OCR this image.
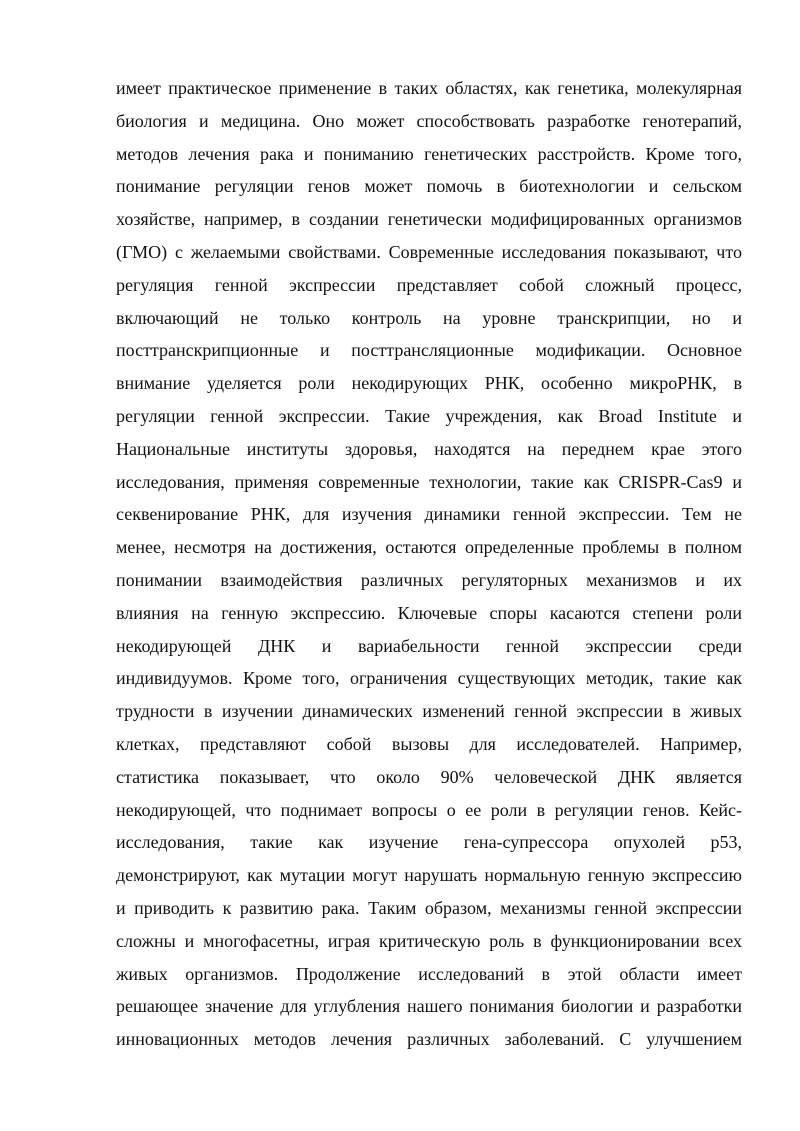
имеет практическое применение в таких областях, как генетика, молекулярная
биология и медицина. Оно может способствовать разработке генотерапий,
методов лечения рака и пониманию генетических расстройств. Кроме того,
понимание регуляции генов может помочь в биотехнологии и сельском
хозяйстве, например, в создании генетически модифицированных организмов
(ГМО) с желаемыми свойствами. Современные исследования показывают, что
регуляция генной экспрессии представляет собой сложный процесс,
включающий не только контроль на уровне транскрипции, но и
посттранскрипционные и посттрансляционные модификации. Основное
внимание уделяется роли некодирующих РНК, особенно микроРНК, в
регуляции генной экспрессии. Такие учреждения, как Broad Institute и
Национальные институты здоровья, находятся на переднем крае этого
исследования, применяя современные технологии, такие как CRISPR-Cas9 и
секвенирование РНК, для изучения динамики генной экспрессии. Тем не
менее, несмотря на достижения, остаются определенные проблемы в полном
понимании взаимодействия различных регуляторных механизмов и их
влияния на генную экспрессию. Ключевые споры касаются степени роли
некодирующей ДНК и вариабельности генной экспрессии среди
индивидуумов. Кроме того, ограничения существующих методик, такие как
трудности в изучении динамических изменений генной экспрессии в живых
клетках, представляют собой вызовы для исследователей. Например,
статистика показывает, что около 90% человеческой ДНК является
некодирующей, что поднимает вопросы о ее роли в регуляции генов. Кейс-
исследования, такие как изучение гена-супрессора опухолей p53,
демонстрируют, как мутации могут нарушать нормальную генную экспрессию
и приводить к развитию рака. Таким образом, механизмы генной экспрессии
сложны и многофасетны, играя критическую роль в функционировании всех
живых организмов. Продолжение исследований в этой области имеет
решающее значение для углубления нашего понимания биологии и разработки
инновационных методов лечения различных заболеваний. С улучшением
